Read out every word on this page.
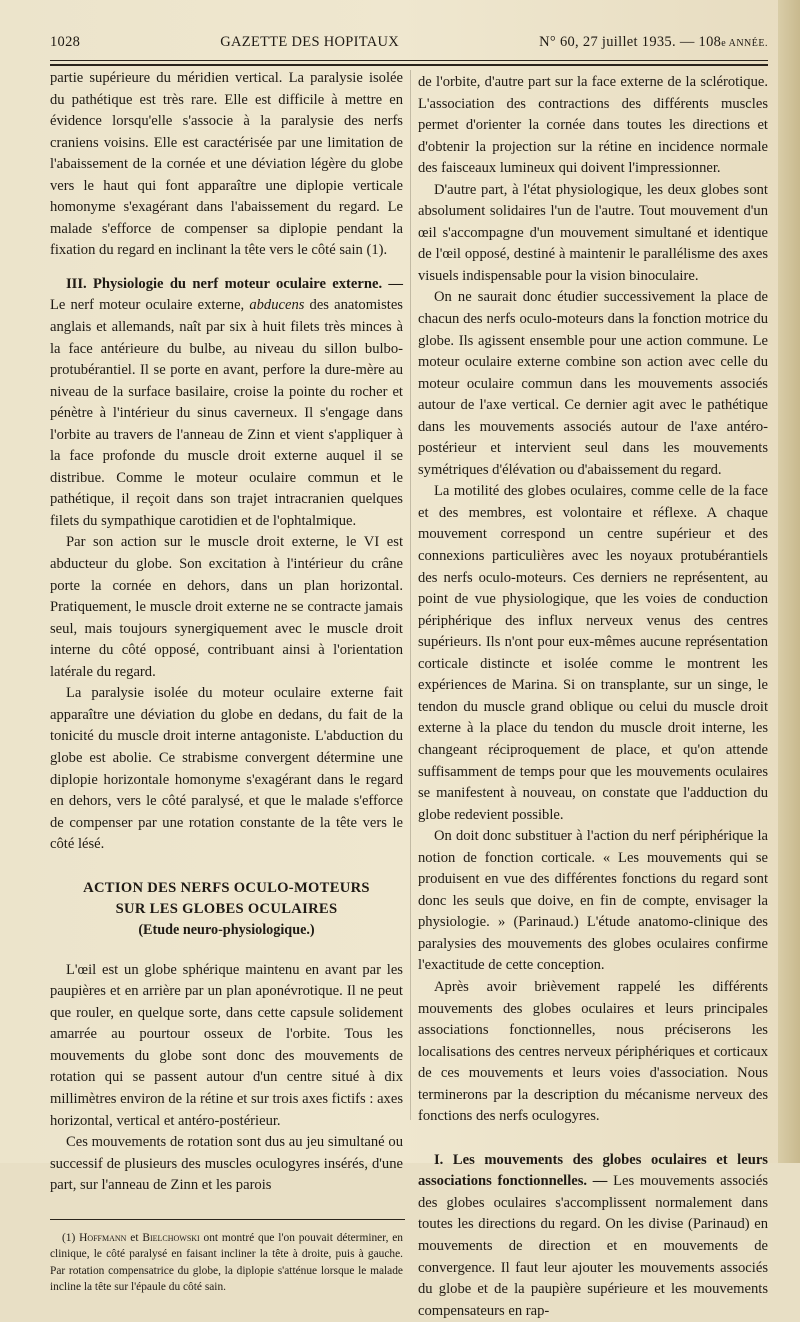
1028	GAZETTE DES HOPITAUX	N° 60, 27 juillet 1935. — 108e ANNÉE.

partie supérieure du méridien vertical. La paralysie isolée du pathétique est très rare. Elle est difficile à mettre en évidence lorsqu'elle s'associe à la paralysie des nerfs craniens voisins. Elle est caractérisée par une limitation de l'abaissement de la cornée et une déviation légère du globe vers le haut qui font apparaître une diplopie verticale homonyme s'exagérant dans l'abaissement du regard. Le malade s'efforce de compenser sa diplopie pendant la fixation du regard en inclinant la tête vers le côté sain (1).

III. Physiologie du nerf moteur oculaire externe. — Le nerf moteur oculaire externe, abducens des anatomistes anglais et allemands, naît par six à huit filets très minces à la face antérieure du bulbe, au niveau du sillon bulbo-protubérantiel. Il se porte en avant, perfore la dure-mère au niveau de la surface basilaire, croise la pointe du rocher et pénètre à l'intérieur du sinus caverneux. Il s'engage dans l'orbite au travers de l'anneau de Zinn et vient s'appliquer à la face profonde du muscle droit externe auquel il se distribue. Comme le moteur oculaire commun et le pathétique, il reçoit dans son trajet intracranien quelques filets du sympathique carotidien et de l'ophtalmique.

Par son action sur le muscle droit externe, le VI est abducteur du globe. Son excitation à l'intérieur du crâne porte la cornée en dehors, dans un plan horizontal. Pratiquement, le muscle droit externe ne se contracte jamais seul, mais toujours synergiquement avec le muscle droit interne du côté opposé, contribuant ainsi à l'orientation latérale du regard.

La paralysie isolée du moteur oculaire externe fait apparaître une déviation du globe en dedans, du fait de la tonicité du muscle droit interne antagoniste. L'abduction du globe est abolie. Ce strabisme convergent détermine une diplopie horizontale homonyme s'exagérant dans le regard en dehors, vers le côté paralysé, et que le malade s'efforce de compenser par une rotation constante de la tête vers le côté lésé.

ACTION DES NERFS OCULO-MOTEURS
SUR LES GLOBES OCULAIRES
(Etude neuro-physiologique.)

L'œil est un globe sphérique maintenu en avant par les paupières et en arrière par un plan aponévrotique. Il ne peut que rouler, en quelque sorte, dans cette capsule solidement amarrée au pourtour osseux de l'orbite. Tous les mouvements du globe sont donc des mouvements de rotation qui se passent autour d'un centre situé à dix millimètres environ de la rétine et sur trois axes fictifs : axes horizontal, vertical et antéro-postérieur.

Ces mouvements de rotation sont dus au jeu simultané ou successif de plusieurs des muscles oculogyres insérés, d'une part, sur l'anneau de Zinn et les parois

(1) Hoffmann et Bielchowski ont montré que l'on pouvait déterminer, en clinique, le côté paralysé en faisant incliner la tête à droite, puis à gauche. Par rotation compensatrice du globe, la diplopie s'atténue lorsque le malade incline la tête sur l'épaule du côté sain.

de l'orbite, d'autre part sur la face externe de la sclérotique. L'association des contractions des différents muscles permet d'orienter la cornée dans toutes les directions et d'obtenir la projection sur la rétine en incidence normale des faisceaux lumineux qui doivent l'impressionner.

D'autre part, à l'état physiologique, les deux globes sont absolument solidaires l'un de l'autre. Tout mouvement d'un œil s'accompagne d'un mouvement simultané et identique de l'œil opposé, destiné à maintenir le parallélisme des axes visuels indispensable pour la vision binoculaire.

On ne saurait donc étudier successivement la place de chacun des nerfs oculo-moteurs dans la fonction motrice du globe. Ils agissent ensemble pour une action commune. Le moteur oculaire externe combine son action avec celle du moteur oculaire commun dans les mouvements associés autour de l'axe vertical. Ce dernier agit avec le pathétique dans les mouvements associés autour de l'axe antéro-postérieur et intervient seul dans les mouvements symétriques d'élévation ou d'abaissement du regard.

La motilité des globes oculaires, comme celle de la face et des membres, est volontaire et réflexe. A chaque mouvement correspond un centre supérieur et des connexions particulières avec les noyaux protubérantiels des nerfs oculo-moteurs. Ces derniers ne représentent, au point de vue physiologique, que les voies de conduction périphérique des influx nerveux venus des centres supérieurs. Ils n'ont pour eux-mêmes aucune représentation corticale distincte et isolée comme le montrent les expériences de Marina. Si on transplante, sur un singe, le tendon du muscle grand oblique ou celui du muscle droit externe à la place du tendon du muscle droit interne, les changeant réciproquement de place, et qu'on attende suffisamment de temps pour que les mouvements oculaires se manifestent à nouveau, on constate que l'adduction du globe redevient possible.

On doit donc substituer à l'action du nerf périphérique la notion de fonction corticale. « Les mouvements qui se produisent en vue des différentes fonctions du regard sont donc les seuls que doive, en fin de compte, envisager la physiologie. » (Parinaud.) L'étude anatomo-clinique des paralysies des mouvements des globes oculaires confirme l'exactitude de cette conception.

Après avoir brièvement rappelé les différents mouvements des globes oculaires et leurs principales associations fonctionnelles, nous préciserons les localisations des centres nerveux périphériques et corticaux de ces mouvements et leurs voies d'association. Nous terminerons par la description du mécanisme nerveux des fonctions des nerfs oculogyres.

I. Les mouvements des globes oculaires et leurs associations fonctionnelles. — Les mouvements associés des globes oculaires s'accomplissent normalement dans toutes les directions du regard. On les divise (Parinaud) en mouvements de direction et en mouvements de convergence. Il faut leur ajouter les mouvements associés du globe et de la paupière supérieure et les mouvements compensateurs en rap-
